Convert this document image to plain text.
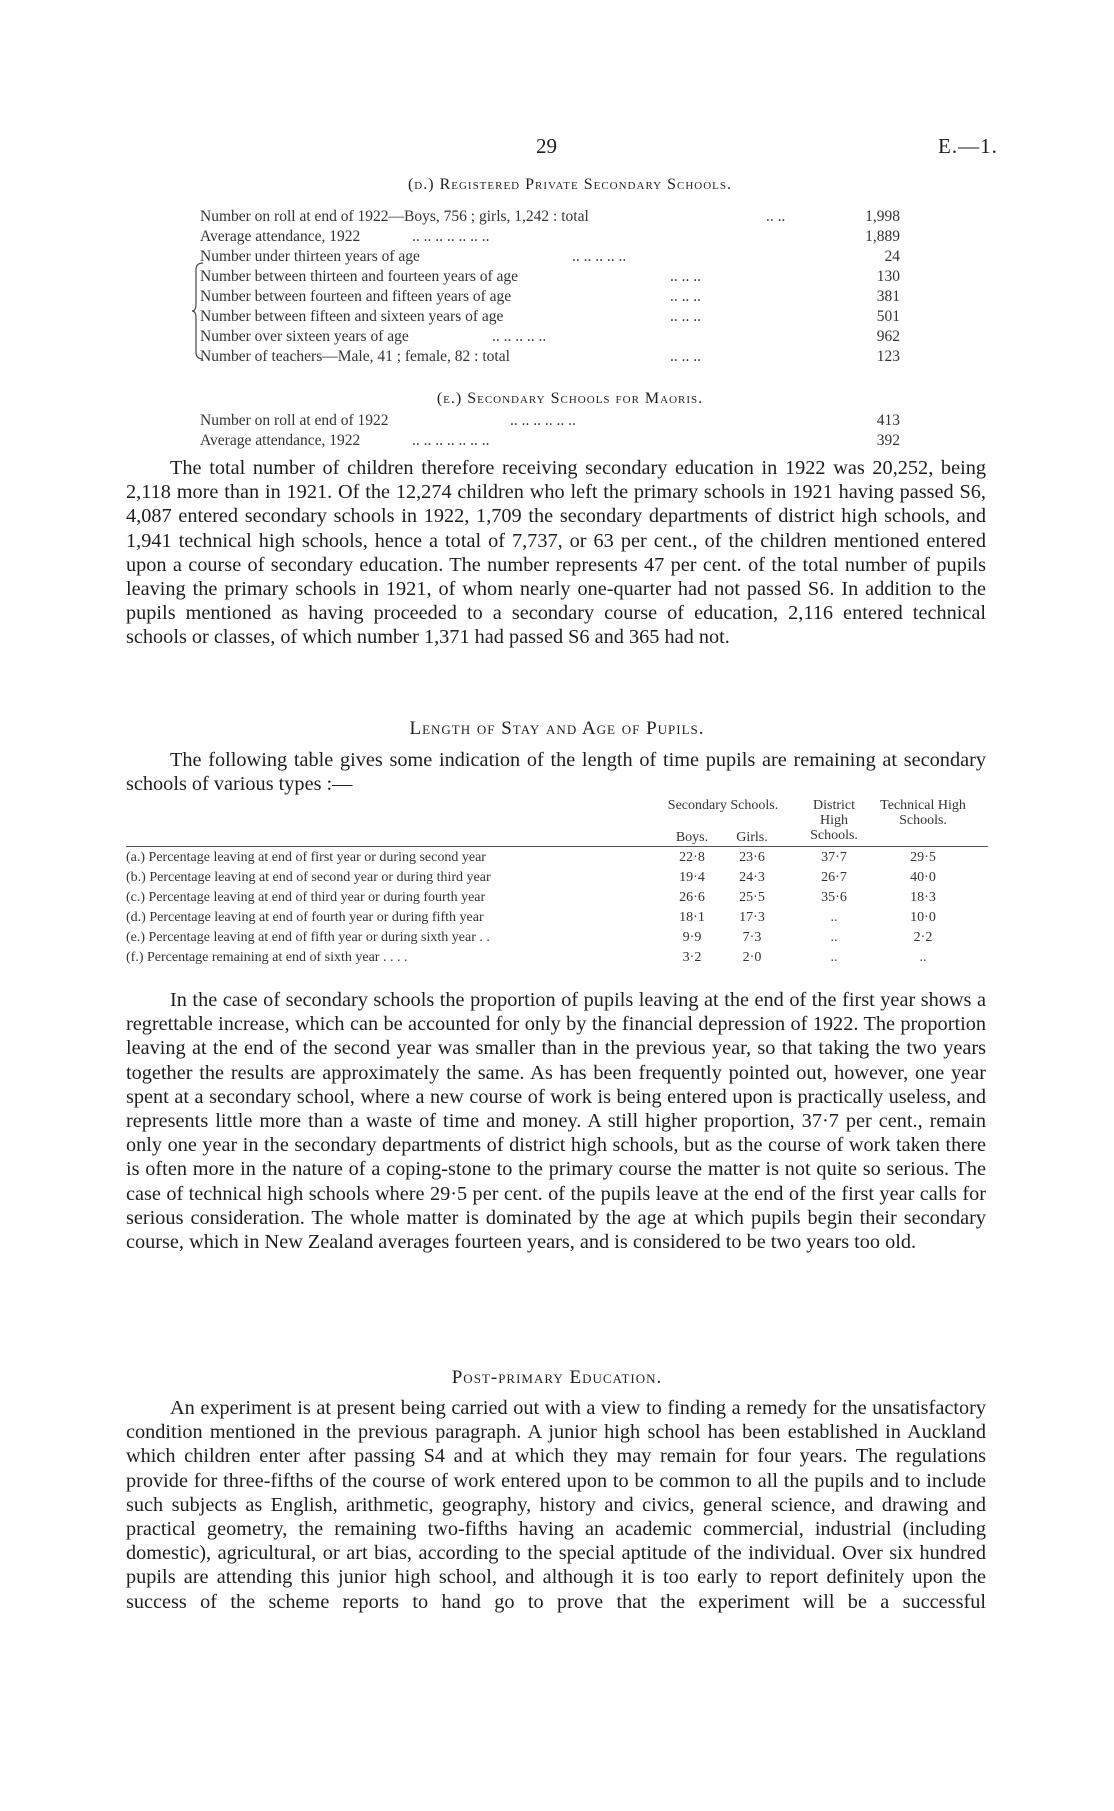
29	E.—1.
(d.) Registered Private Secondary Schools.
Number on roll at end of 1922—Boys, 756 ; girls, 1,242 : total	.. ..	1,998
Average attendance, 1922	.. .. .. .. .. .. ..	1,889
Number under thirteen years of age	.. .. .. .. ..	24
Number between thirteen and fourteen years of age	.. .. ..	130
Number between fourteen and fifteen years of age	.. .. ..	381
Number between fifteen and sixteen years of age	.. .. ..	501
Number over sixteen years of age	.. .. .. .. ..	962
Number of teachers—Male, 41 ; female, 82 : total	.. .. ..	123
(e.) Secondary Schools for Maoris.
Number on roll at end of 1922	.. .. .. .. .. ..	413
Average attendance, 1922	.. .. .. .. .. .. ..	392
The total number of children therefore receiving secondary education in 1922 was 20,252, being 2,118 more than in 1921. Of the 12,274 children who left the primary schools in 1921 having passed S6, 4,087 entered secondary schools in 1922, 1,709 the secondary departments of district high schools, and 1,941 technical high schools, hence a total of 7,737, or 63 per cent., of the children mentioned entered upon a course of secondary education. The number represents 47 per cent. of the total number of pupils leaving the primary schools in 1921, of whom nearly one-quarter had not passed S6. In addition to the pupils mentioned as having proceeded to a secondary course of education, 2,116 entered technical schools or classes, of which number 1,371 had passed S6 and 365 had not.
Length of Stay and Age of Pupils.
The following table gives some indication of the length of time pupils are remaining at secondary schools of various types :—
Secondary Schools.
Boys.	Girls.
District High Schools.
Technical High Schools.
(a.) Percentage leaving at end of first year or during second year	22·8	23·6	37·7	29·5
(b.) Percentage leaving at end of second year or during third year	19·4	24·3	26·7	40·0
(c.) Percentage leaving at end of third year or during fourth year	26·6	25·5	35·6	18·3
(d.) Percentage leaving at end of fourth year or during fifth year	18·1	17·3	..	10·0
(e.) Percentage leaving at end of fifth year or during sixth year . .	9·9	7·3	..	2·2
(f.) Percentage remaining at end of sixth year . . . .	3·2	2·0	..	..
In the case of secondary schools the proportion of pupils leaving at the end of the first year shows a regrettable increase, which can be accounted for only by the financial depression of 1922. The proportion leaving at the end of the second year was smaller than in the previous year, so that taking the two years together the results are approximately the same. As has been frequently pointed out, however, one year spent at a secondary school, where a new course of work is being entered upon is practically useless, and represents little more than a waste of time and money. A still higher proportion, 37·7 per cent., remain only one year in the secondary departments of district high schools, but as the course of work taken there is often more in the nature of a coping-stone to the primary course the matter is not quite so serious. The case of technical high schools where 29·5 per cent. of the pupils leave at the end of the first year calls for serious consideration. The whole matter is dominated by the age at which pupils begin their secondary course, which in New Zealand averages fourteen years, and is considered to be two years too old.
Post-primary Education.
An experiment is at present being carried out with a view to finding a remedy for the unsatisfactory condition mentioned in the previous paragraph. A junior high school has been established in Auckland which children enter after passing S4 and at which they may remain for four years. The regulations provide for three-fifths of the course of work entered upon to be common to all the pupils and to include such subjects as English, arithmetic, geography, history and civics, general science, and drawing and practical geometry, the remaining two-fifths having an academic commercial, industrial (including domestic), agricultural, or art bias, according to the special aptitude of the individual. Over six hundred pupils are attending this junior high school, and although it is too early to report definitely upon the success of the scheme reports to hand go to prove that the experiment will be a successful
